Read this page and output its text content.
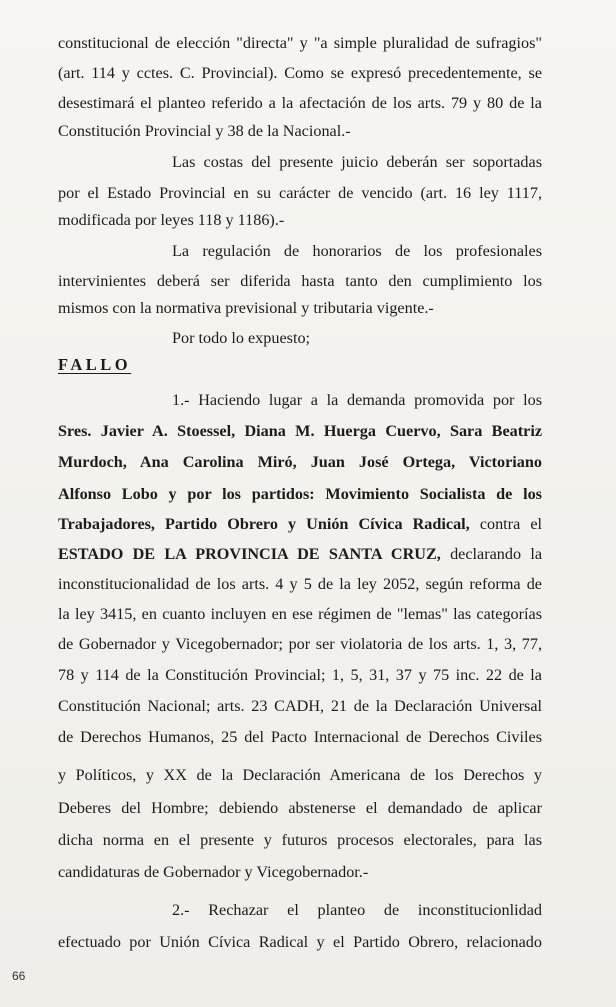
constitucional de elección "directa" y "a simple pluralidad de sufragios"
(art. 114 y cctes. C. Provincial). Como se expresó precedentemente, se
desestimará el planteo referido a la afectación de los arts. 79 y 80 de la
Constitución Provincial y 38 de la Nacional.-
Las costas del presente juicio deberán ser soportadas
por el Estado Provincial en su carácter de vencido (art. 16 ley 1117,
modificada por leyes 118 y 1186).-
La regulación de honorarios de los profesionales
intervinientes deberá ser diferida hasta tanto den cumplimiento los
mismos con la normativa previsional y tributaria vigente.-
Por todo lo expuesto;
FALLO
1.- Haciendo lugar a la demanda promovida por los
Sres. Javier A. Stoessel, Diana M. Huerga Cuervo, Sara Beatriz
Murdoch, Ana Carolina Miró, Juan José Ortega, Victoriano
Alfonso Lobo y por los partidos: Movimiento Socialista de los
Trabajadores, Partido Obrero y Unión Cívica Radical, contra el
ESTADO DE LA PROVINCIA DE SANTA CRUZ, declarando la
inconstitucionalidad de los arts. 4 y 5 de la ley 2052, según reforma de
la ley 3415, en cuanto incluyen en ese régimen de "lemas" las categorías
de Gobernador y Vicegobernador; por ser violatoria de los arts. 1, 3, 77,
78 y 114 de la Constitución Provincial; 1, 5, 31, 37 y 75 inc. 22 de la
Constitución Nacional; arts. 23 CADH, 21 de la Declaración Universal
de Derechos Humanos, 25 del Pacto Internacional de Derechos Civiles
y Políticos, y XX de la Declaración Americana de los Derechos y
Deberes del Hombre; debiendo abstenerse el demandado de aplicar
dicha norma en el presente y futuros procesos electorales, para las
candidaturas de Gobernador y Vicegobernador.-
2.- Rechazar el planteo de inconstitucionlidad
efectuado por Unión Cívica Radical y el Partido Obrero, relacionado
66
